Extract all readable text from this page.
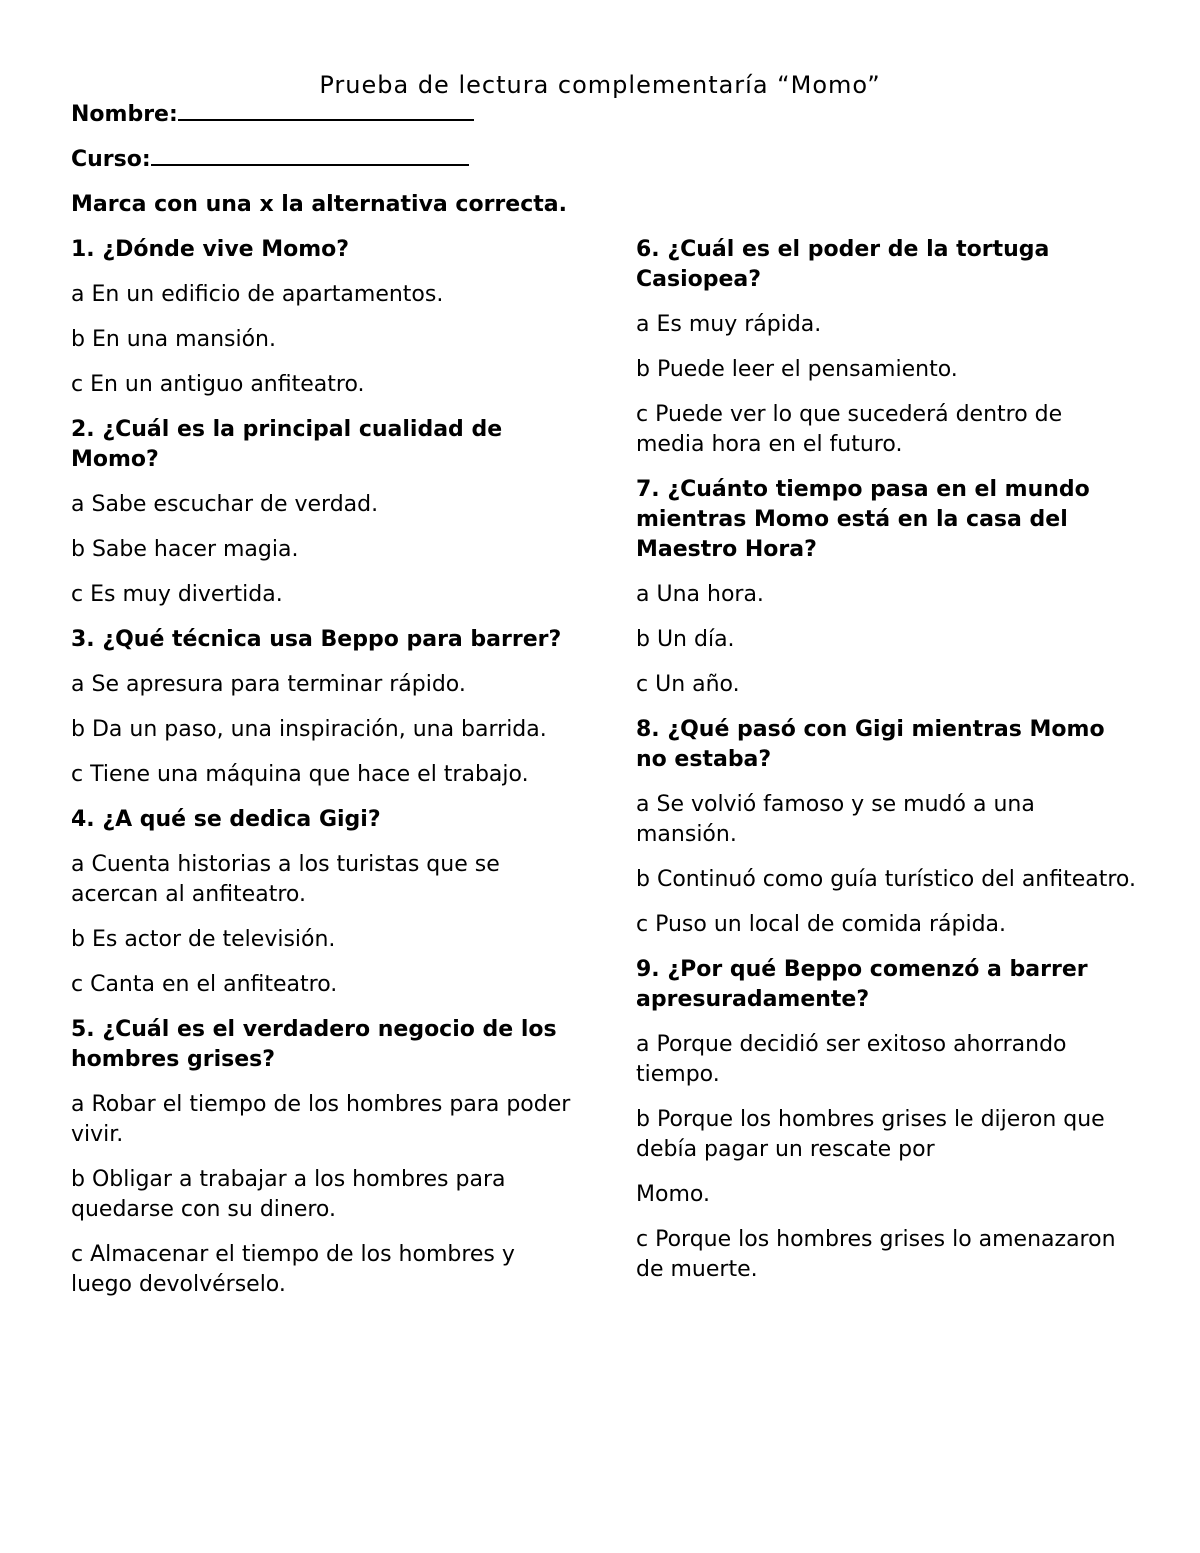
Prueba de lectura complementaría “Momo”
Nombre:
Curso:

Marca con una x la alternativa correcta.

1. ¿Dónde vive Momo?

a En un edificio de apartamentos.

b En una mansión.

c En un antiguo anfiteatro.

2. ¿Cuál es la principal cualidad de Momo?

a Sabe escuchar de verdad.

b Sabe hacer magia.

c Es muy divertida.

3. ¿Qué técnica usa Beppo para barrer?

a Se apresura para terminar rápido.

b Da un paso, una inspiración, una barrida.

c Tiene una máquina que hace el trabajo.

4. ¿A qué se dedica Gigi?

a Cuenta historias a los turistas que se acercan al anfiteatro.

b Es actor de televisión.

c Canta en el anfiteatro.

5. ¿Cuál es el verdadero negocio de los hombres grises?

a Robar el tiempo de los hombres para poder vivir.

b Obligar a trabajar a los hombres para quedarse con su dinero.

c Almacenar el tiempo de los hombres y luego devolvérselo.

6. ¿Cuál es el poder de la tortuga Casiopea?

a Es muy rápida.

b Puede leer el pensamiento.

c Puede ver lo que sucederá dentro de media hora en el futuro.

7. ¿Cuánto tiempo pasa en el mundo mientras Momo está en la casa del Maestro Hora?

a Una hora.

b Un día.

c Un año.

8. ¿Qué pasó con Gigi mientras Momo no estaba?

a Se volvió famoso y se mudó a una mansión.

b Continuó como guía turístico del anfiteatro.

c Puso un local de comida rápida.

9. ¿Por qué Beppo comenzó a barrer apresuradamente?

a Porque decidió ser exitoso ahorrando tiempo.

b Porque los hombres grises le dijeron que debía pagar un rescate por

Momo.

c Porque los hombres grises lo amenazaron de muerte.
